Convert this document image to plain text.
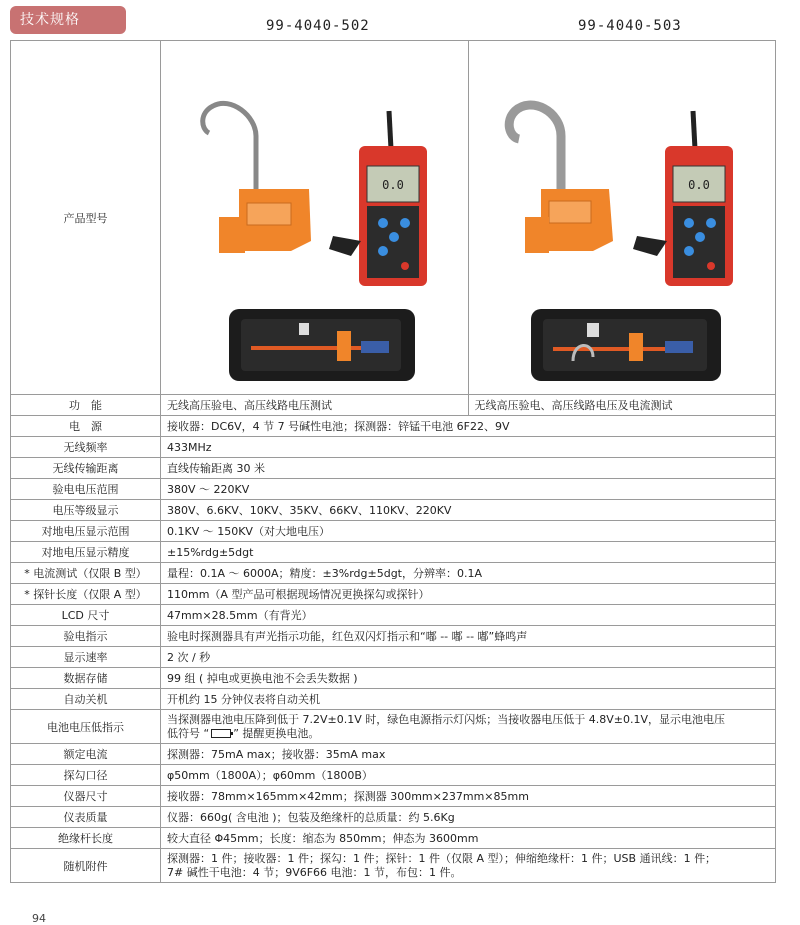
技术规格	99-4040-502	99-4040-503
产品型号	0.0	0.0

功　能	无线高压验电、高压线路电压测试	无线高压验电、高压线路电压及电流测试
电　源	接收器：DC6V，4 节 7 号碱性电池；探测器：锌锰干电池 6F22、9V	
无线频率	433MHz	
无线传输距离	直线传输距离 30 米	
验电电压范围	380V ～ 220KV	
电压等级显示	380V、6.6KV、10KV、35KV、66KV、110KV、220KV	
对地电压显示范围	0.1KV ～ 150KV（对大地电压）	
对地电压显示精度	±15%rdg±5dgt	
* 电流测试（仅限 B 型）	量程：0.1A ～ 6000A；精度：±3%rdg±5dgt，分辨率：0.1A	
* 探针长度（仅限 A 型）	110mm（A 型产品可根据现场情况更换探勾或探针）	
LCD 尺寸	47mm×28.5mm（有背光）	
验电指示	验电时探测器具有声光指示功能，红色双闪灯指示和“嘟 -- 嘟 -- 嘟”蜂鸣声	
显示速率	2 次 / 秒	
数据存储	99 组 ( 掉电或更换电池不会丢失数据 )	
自动关机	开机约 15 分钟仪表将自动关机	
电池电压低指示	当探测器电池电压降到低于 7.2V±0.1V 时，绿色电源指示灯闪烁；当接收器电压低于 4.8V±0.1V，显示电池电压
低符号 “ ” 提醒更换电池。	

额定电流	探测器：75mA max；接收器：35mA max	
探勾口径	φ50mm（1800A）；φ60mm（1800B）	
仪器尺寸	接收器：78mm×165mm×42mm；探测器 300mm×237mm×85mm	
仪表质量	仪器：660g( 含电池 )；包装及绝缘杆的总质量：约 5.6Kg	
绝缘杆长度	较大直径 Φ45mm；长度：缩态为 850mm；伸态为 3600mm	
随机附件	探测器：1 件；接收器：1 件；探勾：1 件；探针：1 件（仅限 A 型）；伸缩绝缘杆：1 件；USB 通讯线：1 件；
7# 碱性干电池：4 节；9V6F66 电池：1 节，布包：1 件。	
94
